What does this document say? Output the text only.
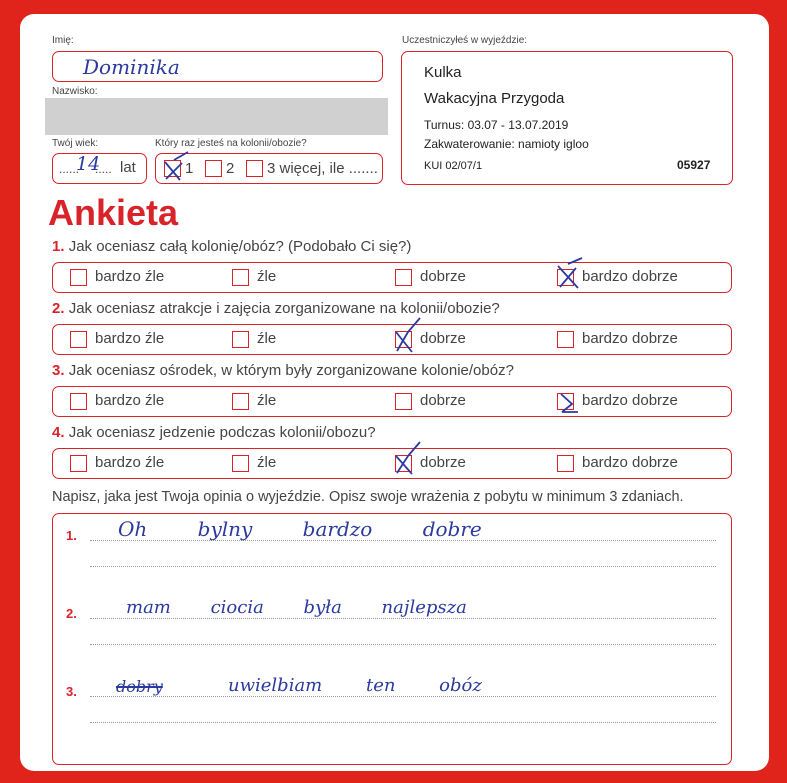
Imię:
Dominika
Nazwisko:
Twój wiek:
......
14
..... lat
Który raz jesteś na kolonii/obozie?
1 2 3 więcej, ile .......
Uczestniczyłeś w wyjeździe:
Kulka
Wakacyjna Przygoda
Turnus: 03.07 - 13.07.2019
Zakwaterowanie: namioty igloo
KUI 02/07/1	05927
Ankieta
1. Jak oceniasz całą kolonię/obóz? (Podobało Ci się?)
bardzo źle	źle	dobrze	bardzo dobrze
2. Jak oceniasz atrakcje i zajęcia zorganizowane na kolonii/obozie?
bardzo źle	źle	dobrze	bardzo dobrze
3. Jak oceniasz ośrodek, w którym były zorganizowane kolonie/obóz?
bardzo źle	źle	dobrze	bardzo dobrze
4. Jak oceniasz jedzenie podczas kolonii/obozu?
bardzo źle	źle	dobrze	bardzo dobrze
Napisz, jaka jest Twoja opinia o wyjeździe. Opisz swoje wrażenia z pobytu w minimum 3 zdaniach.
1. Oh bylny bardzo dobre
2.	mam ciocia była najlepsza
3. dobry	uwielbiam ten obóz
